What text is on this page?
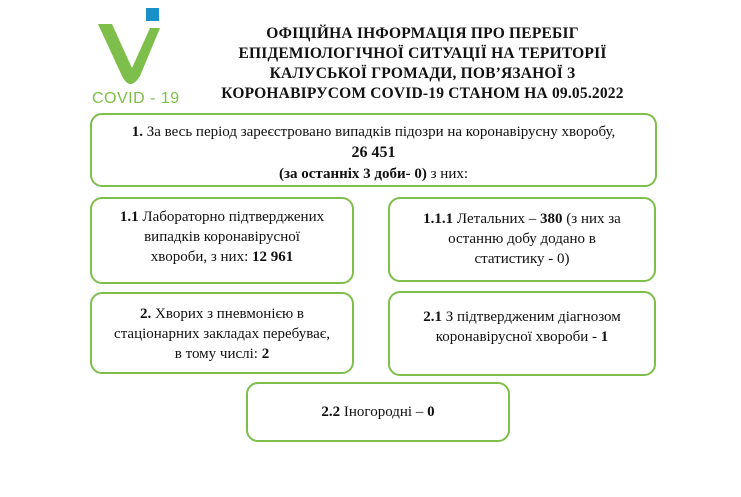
COVID - 19
ОФІЦІЙНА ІНФОРМАЦІЯ ПРО ПЕРЕБІГ
ЕПІДЕМІОЛОГІЧНОЇ СИТУАЦІЇ НА ТЕРИТОРІЇ
КАЛУСЬКОЇ ГРОМАДИ, ПОВ’ЯЗАНОЇ З
КОРОНАВІРУСОМ COVID-19 СТАНОМ НА 09.05.2022
1. За весь період зареєстровано випадків підозри на коронавірусну хворобу,
26 451
(за останніх 3 доби- 0) з них:
1.1 Лабораторно підтверджених
випадків коронавірусної
хвороби, з них: 12 961
1.1.1 Летальних – 380 (з них за
останню добу додано в
статистику - 0)
2. Хворих з пневмонією в
стаціонарних закладах перебуває,
в тому числі: 2
2.1 З підтвердженим діагнозом
коронавірусної хвороби - 1
2.2 Іногородні – 0
